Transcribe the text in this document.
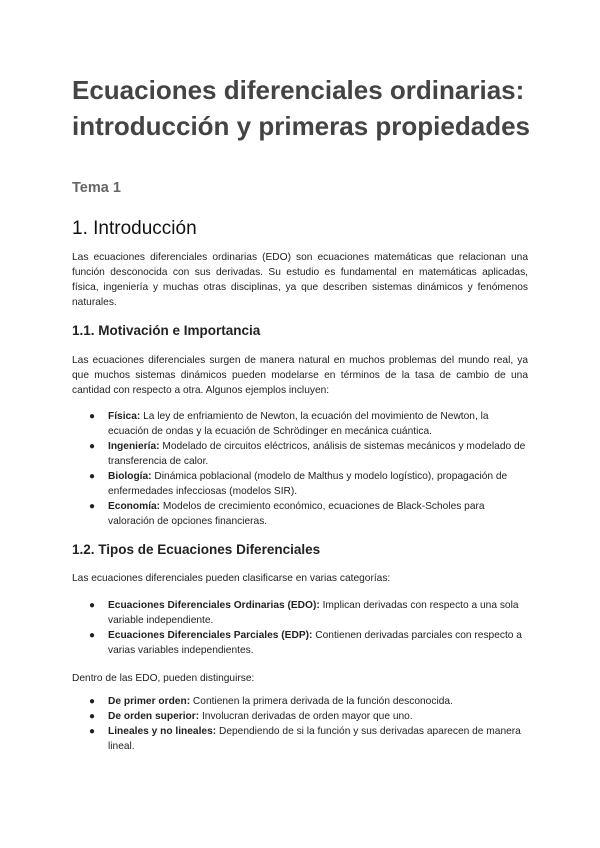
Ecuaciones diferenciales ordinarias: introducción y primeras propiedades
Tema 1
1. Introducción

Las ecuaciones diferenciales ordinarias (EDO) son ecuaciones matemáticas que relacionan una función desconocida con sus derivadas. Su estudio es fundamental en matemáticas aplicadas, física, ingeniería y muchas otras disciplinas, ya que describen sistemas dinámicos y fenómenos naturales.

1.1. Motivación e Importancia

Las ecuaciones diferenciales surgen de manera natural en muchos problemas del mundo real, ya que muchos sistemas dinámicos pueden modelarse en términos de la tasa de cambio de una cantidad con respecto a otra. Algunos ejemplos incluyen:

● Física: La ley de enfriamiento de Newton, la ecuación del movimiento de Newton, la ecuación de ondas y la ecuación de Schrödinger en mecánica cuántica.
● Ingeniería: Modelado de circuitos eléctricos, análisis de sistemas mecánicos y modelado de transferencia de calor.
● Biología: Dinámica poblacional (modelo de Malthus y modelo logístico), propagación de enfermedades infecciosas (modelos SIR).
● Economía: Modelos de crecimiento económico, ecuaciones de Black-Scholes para valoración de opciones financieras.
1.2. Tipos de Ecuaciones Diferenciales

Las ecuaciones diferenciales pueden clasificarse en varias categorías:

● Ecuaciones Diferenciales Ordinarias (EDO): Implican derivadas con respecto a una sola variable independiente.
● Ecuaciones Diferenciales Parciales (EDP): Contienen derivadas parciales con respecto a varias variables independientes.

Dentro de las EDO, pueden distinguirse:

● De primer orden: Contienen la primera derivada de la función desconocida.
● De orden superior: Involucran derivadas de orden mayor que uno.
● Lineales y no lineales: Dependiendo de si la función y sus derivadas aparecen de manera lineal.
